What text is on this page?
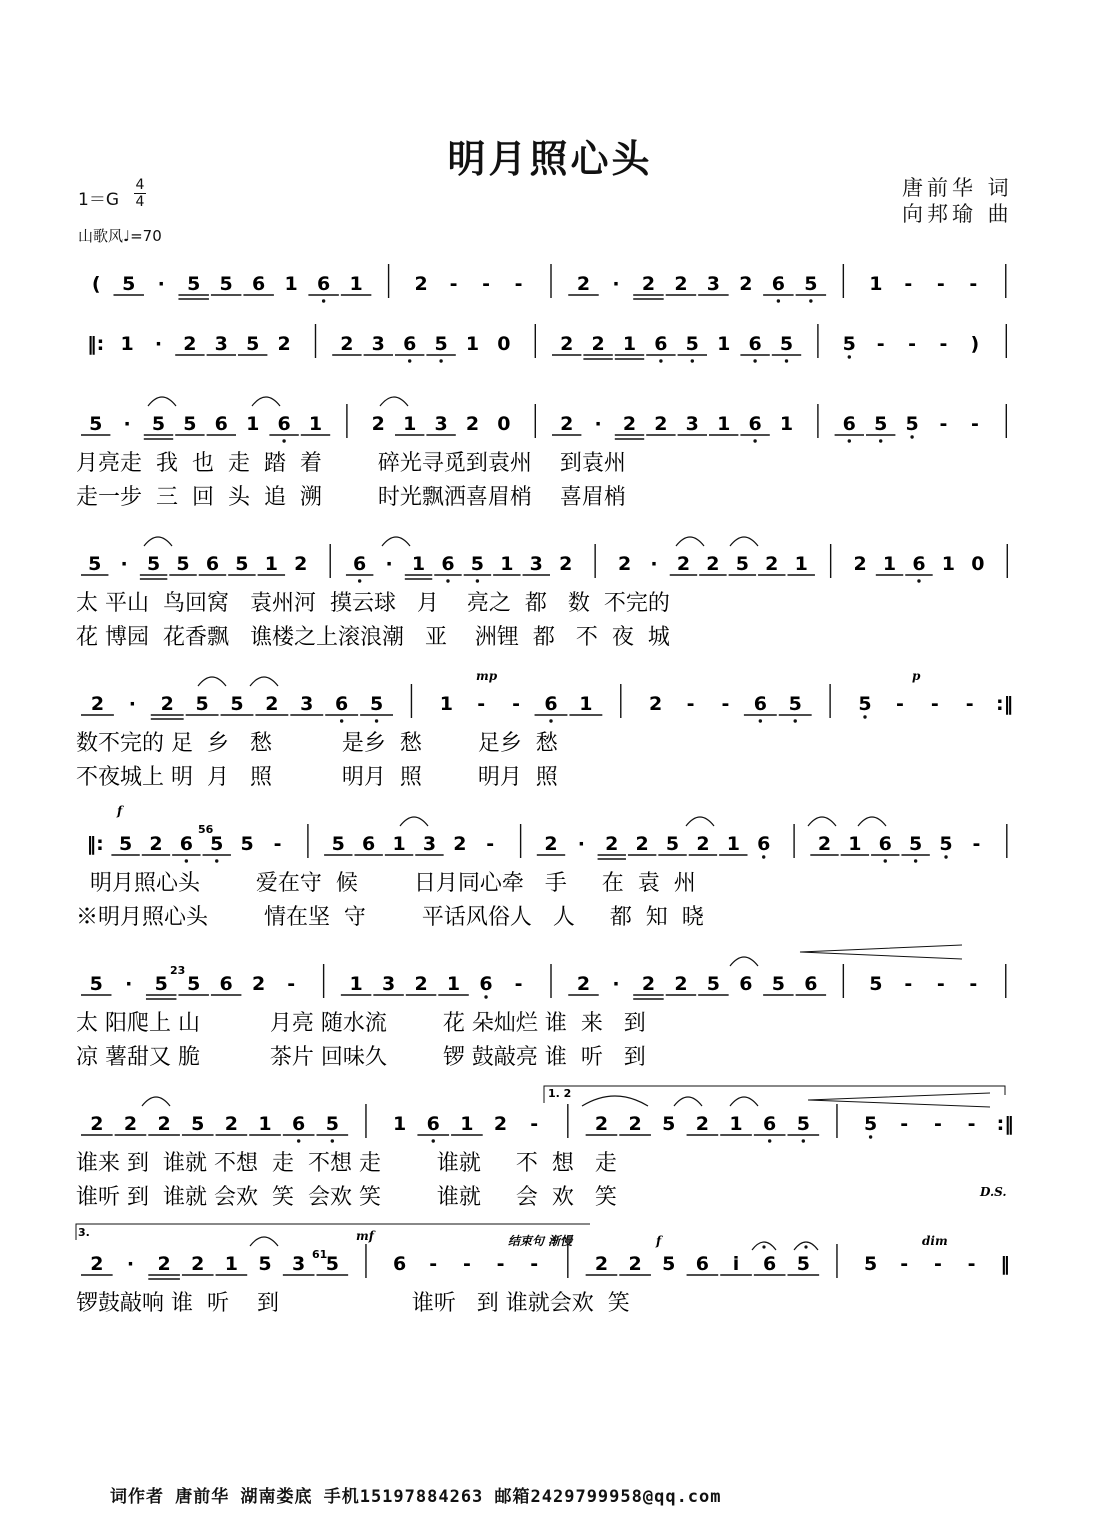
明月照心头
唐前华 词
向邦瑜 曲
1＝G
4
4
山歌风♩=70
mp	p
f
56
23
1. 2
3.
61
mf	结束句 渐慢	f	dim
D.S.
( 5 · 5 5 6 1 6 1	2 - - -	2 · 2 2 3 2 6 5	1 - - -
‖: 1 · 2 3 5 2	2 3 6 5 1 0	2 2 1 6 5 1 6 5	5 - - - )
5 · 5 5 6 1 6 1	2 1 3 2 0	2 · 2 2 3 1 6 1	6 5 5 - -
月亮走  我  也  走  踏  着        碎光寻觅到袁州    到袁州
走一步  三  回  头  追  溯        时光飘洒喜眉梢    喜眉梢
5 · 5 5 6 5 1 2 6 · 1 6 5 1 3 2 2 · 2 2 5 2 1 2 1 6 1 0
太 平山  鸟回窝   袁州河  摸云球   月    亮之  都   数  不完的
花 博园  花香飘   谯楼之上滚浪潮   亚    洲锂  都   不  夜  城
2 · 2 5 5 2 3 6 5	1 - - 6 1	2 - - 6 5	5 - - - :‖
数不完的 足  乡   愁          是乡  愁        足乡  愁
不夜城上 明  月   照          明月  照        明月  照
‖: 5 2 6 5 5 -	5 6 1 3 2 -	2 · 2 2 5 2 1 6	2 1 6 5 5 -
明月照心头        爱在守  候        日月同心牵   手     在  袁  州
※明月照心头        情在坚  守        平话风俗人   人     都  知  晓
5 · 5 5 6 2 -	1 3 2 1 6 -	2 · 2 2 5 6 5 6	5 - - -
太 阳爬上 山          月亮 随水流        花 朵灿烂 谁  来   到
凉 薯甜又 脆          茶片 回味久        锣 鼓敲亮 谁  听   到
2 2 2 5 2 1 6 5	1 6 1 2 -	2 2 5 2 1 6 5	5 - - - :‖
谁来 到  谁就 不想  走  不想 走        谁就     不  想   走
谁听 到  谁就 会欢  笑  会欢 笑        谁就     会  欢   笑
2 · 2 2 1 5 3 5	6 - - - -	2 2 5 6 i 6 5	5 - - - ‖
锣鼓敲响 谁  听    到                   谁听   到 谁就会欢  笑
词作者 唐前华 湖南娄底 手机15197884263 邮箱2429799958@qq.com
